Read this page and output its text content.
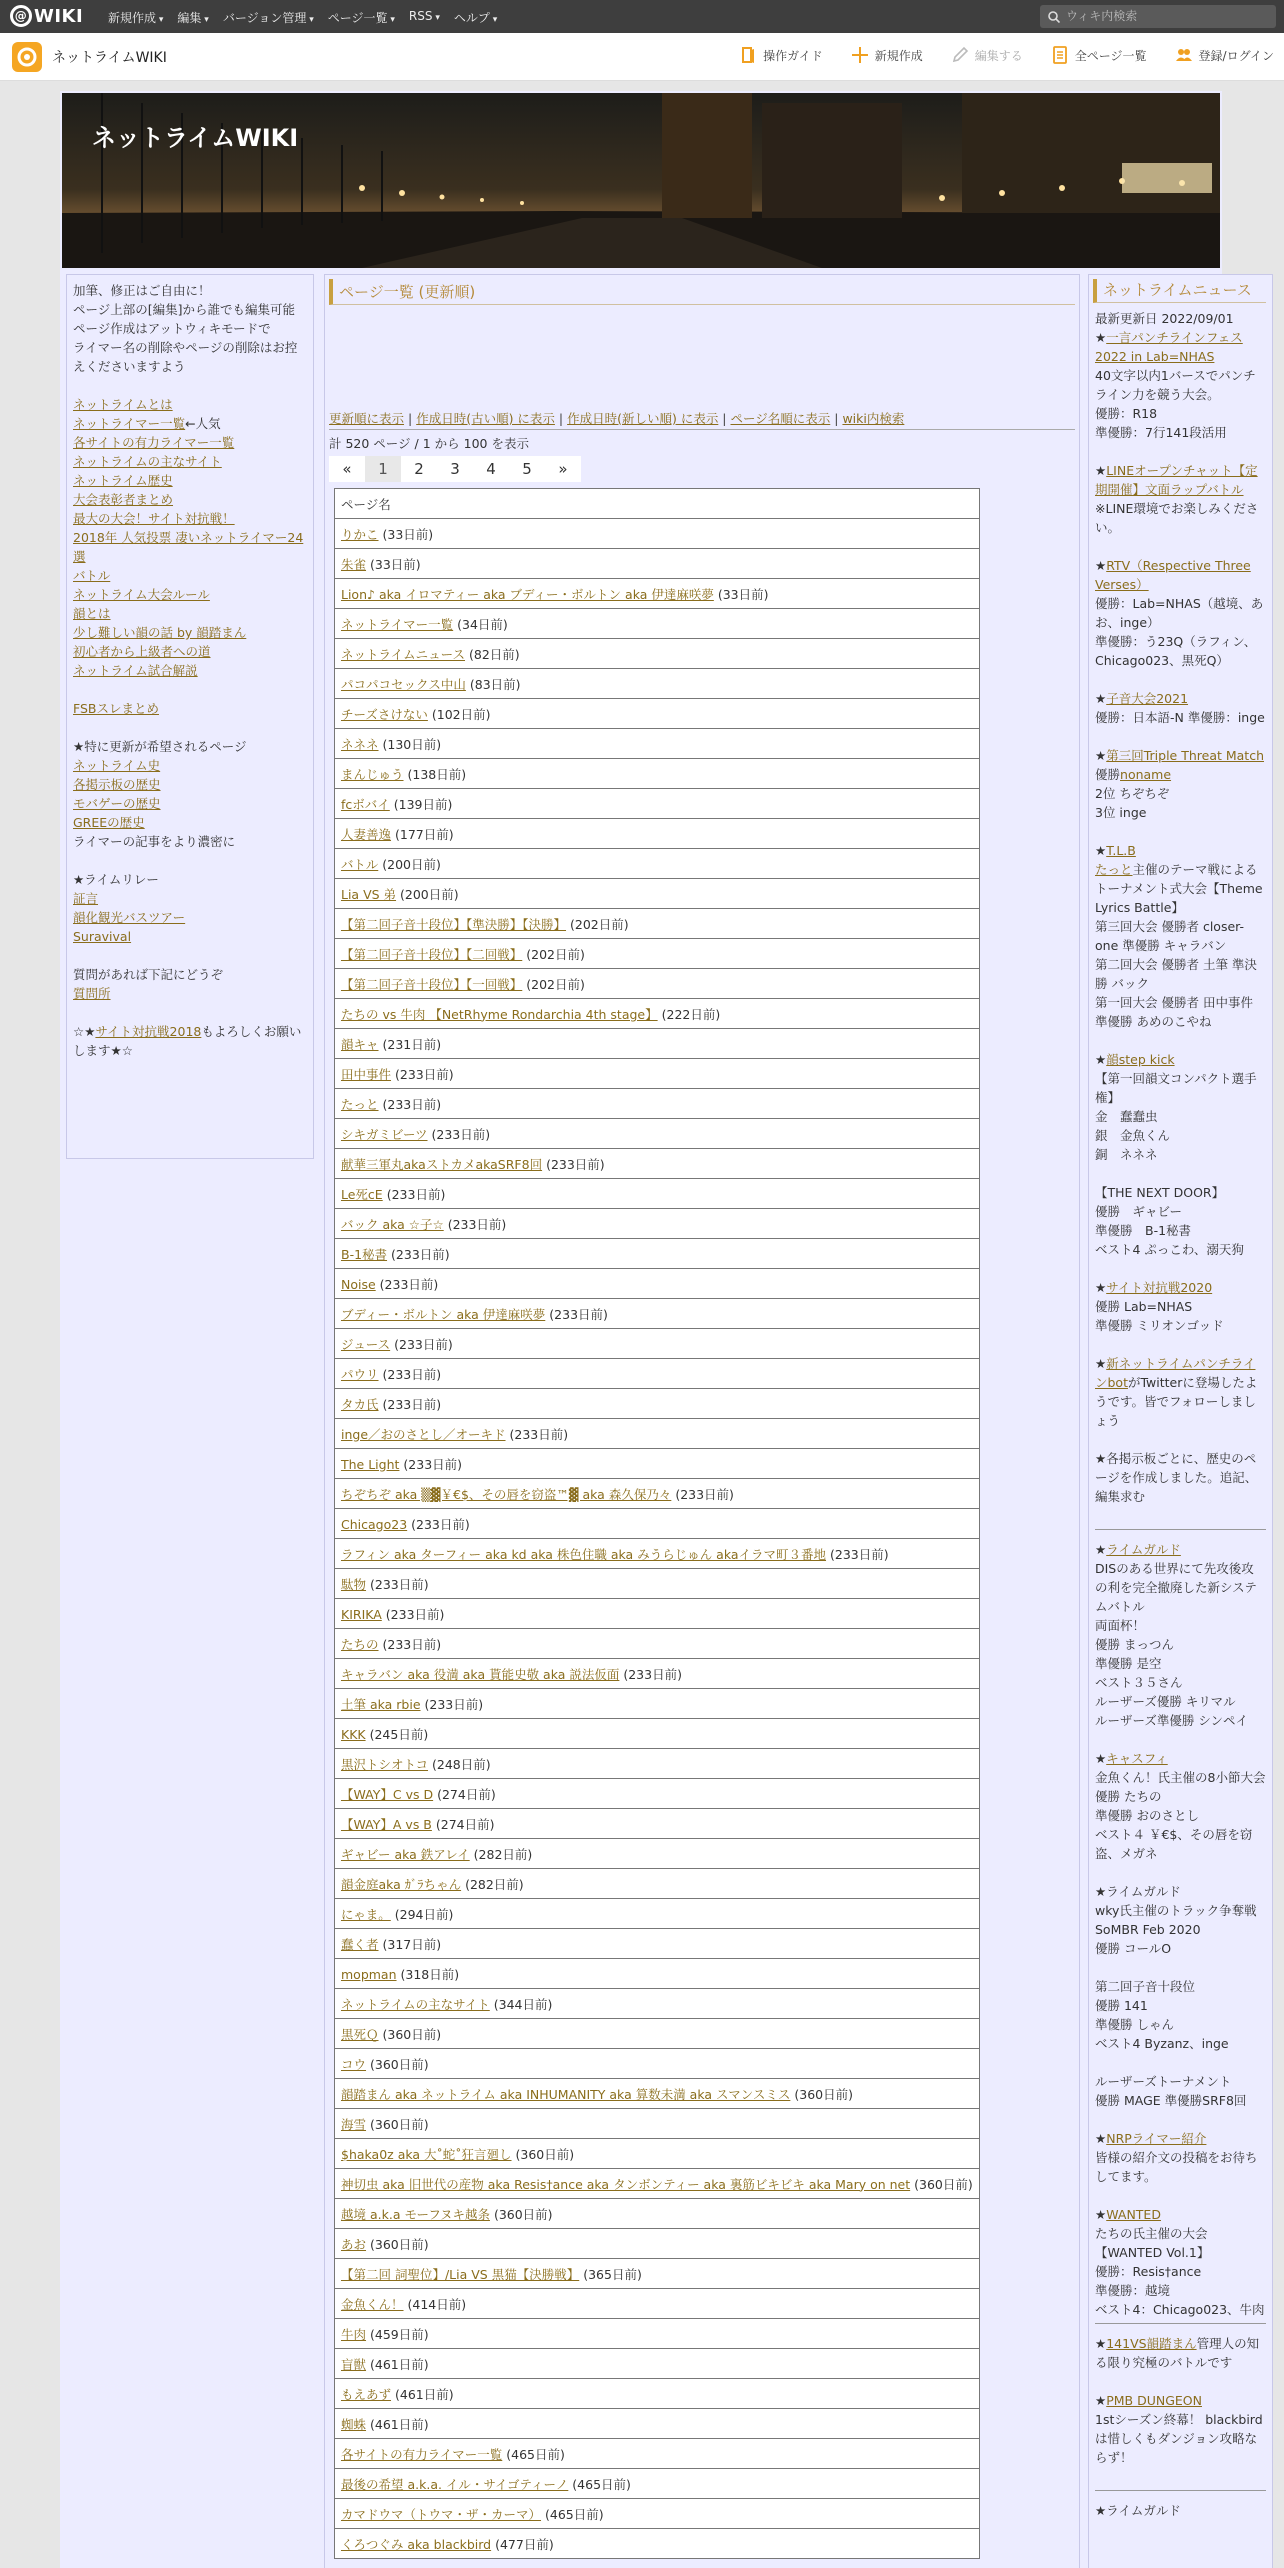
@ WIKI 新規作成 ▾	編集 ▾	バージョン管理 ▾	ページ一覧 ▾	RSS ▾	ヘルプ ▾	ウィキ内検索
ネットライムWIKI	操作ガイド	新規作成	編集する	全ページ一覧	登録/ログイン
ネットライムWIKI
加筆、修正はご自由に！
ページ上部の[編集]から誰でも編集可能
ページ作成はアットウィキモードで
ライマー名の削除やページの削除はお控えくださいますよう
ネットライムとは
ネットライマー一覧←人気
各サイトの有力ライマー一覧
ネットライムの主なサイト
ネットライム歴史
大会表彰者まとめ
最大の大会！サイト対抗戦！
2018年 人気投票 凄いネットライマー24選
バトル
ネットライム大会ルール
韻とは
少し難しい韻の話 by 韻踏まん
初心者から上級者への道
ネットライム試合解説
FSBスレまとめ
★特に更新が希望されるページ
ネットライム史
各掲示板の歴史
モバゲーの歴史
GREEの歴史
ライマーの記事をより濃密に
★ライムリレー
証言
韻化観光バスツアー
Suravival
質問があれば下記にどうぞ
質問所
☆★サイト対抗戦2018もよろしくお願いします★☆
ページ一覧 (更新順)
更新順に表示 | 作成日時(古い順) に表示 | 作成日時(新しい順) に表示 | ページ名順に表示 | wiki内検索
計 520 ページ / 1 から 100 を表示
«	1	2	3	4	5	»
ページ名
りかこ (33日前)
朱雀 (33日前)
Lion♪ aka イロマティー aka ブディー・ボルトン aka 伊達麻咲夢 (33日前)
ネットライマー一覧 (34日前)
ネットライムニュース (82日前)
パコパコセックス中山 (83日前)
チーズさけない (102日前)
ネネネ (130日前)
まんじゅう (138日前)
fcボバイ (139日前)
人妻善逸 (177日前)
バトル (200日前)
Lia VS 弟 (200日前)
【第二回子音十段位】【準決勝】【決勝】 (202日前)
【第二回子音十段位】【二回戦】 (202日前)
【第二回子音十段位】【一回戦】 (202日前)
たちの vs 牛肉 【NetRhyme Rondarchia 4th stage】 (222日前)
韻キャ (231日前)
田中事件 (233日前)
たっと (233日前)
シキガミビーツ (233日前)
献華三軍丸akaストカメakaSRF8回 (233日前)
Le死cE (233日前)
バック aka ☆子☆ (233日前)
B-1秘書 (233日前)
Noise (233日前)
ブディー・ボルトン aka 伊達麻咲夢 (233日前)
ジュース (233日前)
パウリ (233日前)
タカ氏 (233日前)
inge／おのさとし／オーキド (233日前)
The Light (233日前)
ちぞちぞ aka ▒▓￥€$、その唇を窃盗™▓ aka 森久保乃々 (233日前)
Chicago23 (233日前)
ラフィン aka ターフィー aka kd aka 株色住職 aka みうらじゅん akaイラマ町３番地 (233日前)
駄物 (233日前)
KIRIKA (233日前)
たちの (233日前)
キャラバン aka 役満 aka 貰能史敬 aka 説法仮面 (233日前)
土筆 aka rbie (233日前)
KKK (245日前)
黒沢トシオトコ (248日前)
【WAY】C vs D (274日前)
【WAY】A vs B (274日前)
ギャビー aka 鉄アレイ (282日前)
韻金庭aka ｶﾞﾗちゃん (282日前)
にゃま。 (294日前)
蠢く者 (317日前)
mopman (318日前)
ネットライムの主なサイト (344日前)
黒死Ｑ (360日前)
コウ (360日前)
韻踏まん aka ネットライム aka INHUMANITY aka 算数未満 aka スマンスミス (360日前)
海雪 (360日前)
$haka0z aka 大˚蛇˚狂言廻し (360日前)
神切虫 aka 旧世代の産物 aka Resis†ance aka タンボンティー aka 裏筋ビキビキ aka Mary on net (360日前)
越境 a.k.a モーフヌキ越条 (360日前)
あお (360日前)
【第二回 詞聖位】/Lia VS 黒猫【決勝戦】 (365日前)
金魚くん！ (414日前)
牛肉 (459日前)
盲獣 (461日前)
もえあず (461日前)
蜘蛛 (461日前)
各サイトの有力ライマー一覧 (465日前)
最後の希望 a.k.a. イル・サイゴティーノ (465日前)
カマドウマ（トウマ・ザ・カーマ） (465日前)
くろつぐみ aka blackbird (477日前)
ネットライムニュース
最新更新日 2022/09/01
★一言パンチラインフェス2022 in Lab=NHAS
40文字以内1バースでパンチライン力を競う大会。
優勝：R18
準優勝：7行141段活用
★LINEオープンチャット【定期開催】文面ラップバトル
※LINE環境でお楽しみください。
★RTV（Respective Three Verses）
優勝：Lab=NHAS（越境、あお、inge）
準優勝：う23Q（ラフィン、Chicago023、黒死Q）
★子音大会2021
優勝：日本語-N 準優勝：inge
★第三回Triple Threat Match
優勝noname
2位 ちぞちぞ
3位 inge
★T.L.B
たっと主催のテーマ戦によるトーナメント式大会【Theme Lyrics Battle】
第三回大会 優勝者 closer-one 準優勝 キャラバン
第二回大会 優勝者 土筆 準決勝 バック
第一回大会 優勝者 田中事件 準優勝 あめのこやね
★韻step kick
【第一回韻文コンパクト選手権】
金　蠢蠢虫
銀　金魚くん
銅　ネネネ
【THE NEXT DOOR】
優勝　ギャビー
準優勝　B-1秘書
ベスト4 ぷっこわ、溺天狗
★サイト対抗戦2020
優勝 Lab=NHAS
準優勝 ミリオンゴッド
★新ネットライムパンチラインbotがTwitterに登場したようです。皆でフォローしましょう
★各掲示板ごとに、歴史のページを作成しました。追記、編集求む
★ライムガルド
DISのある世界にて先攻後攻の利を完全撤廃した新システムバトル
両面杯！
優勝 まっつん
準優勝 是空
ベスト３５さん
ルーザーズ優勝 キリマル
ルーザーズ準優勝 シンペイ
★キャスフィ
金魚くん！氏主催の8小節大会
優勝 たちの
準優勝 おのさとし
ベスト４ ￥€$、その唇を窃盗、メガネ
★ライムガルド
wky氏主催のトラック争奪戦SoMBR Feb 2020
優勝 コールO
第二回子音十段位
優勝 141
準優勝 しゃん
ベスト4 Byzanz、inge
ルーザーズトーナメント
優勝 MAGE 準優勝SRF8回
★NRPライマー紹介
皆様の紹介文の投稿をお待ちしてます。
★WANTED
たちの氏主催の大会【WANTED Vol.1】
優勝：Resis†ance
準優勝：越境
ベスト4：Chicago023、牛肉
★141VS韻踏まん管理人の知る限り究極のバトルです
★PMB DUNGEON
1stシーズン終幕！ blackbird は惜しくもダンジョン攻略ならず！
★ライムガルド
